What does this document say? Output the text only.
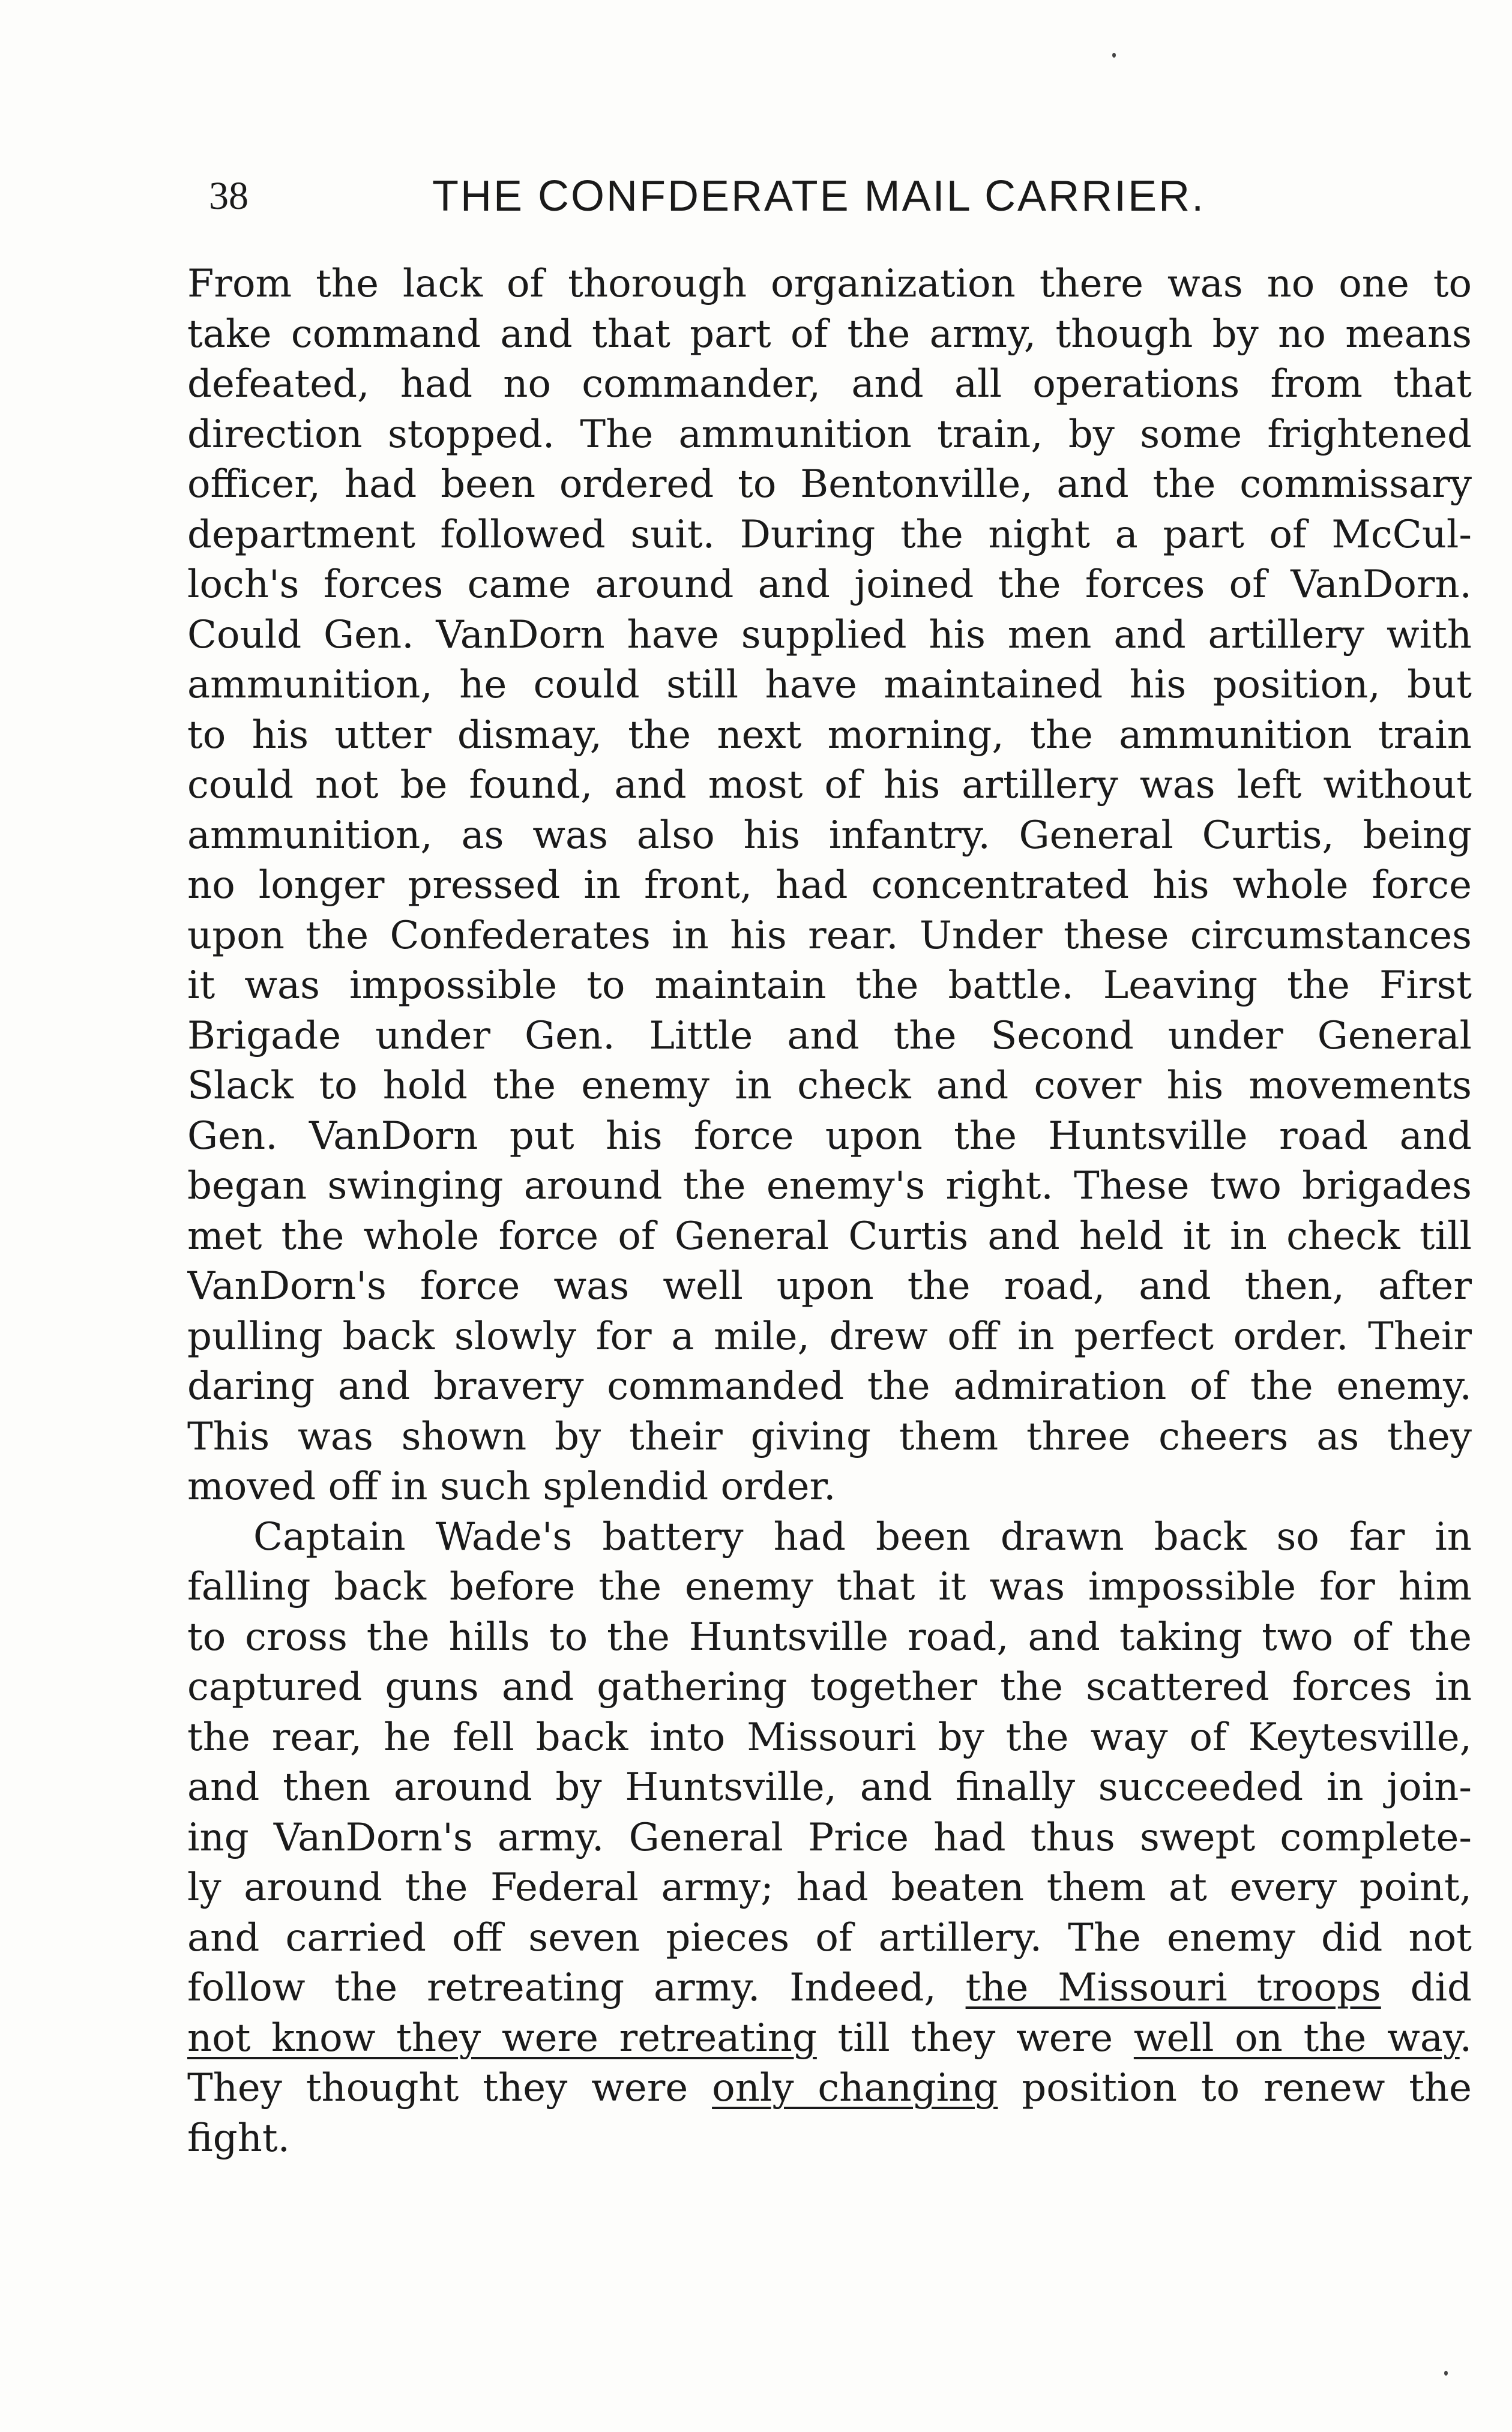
38	THE CONFDERATE MAIL CARRIER.
From the lack of thorough organization there was no one to
take command and that part of the army, though by no means
defeated, had no commander, and all operations from that
direction stopped. The ammunition train, by some frightened
officer, had been ordered to Bentonville, and the commissary
department followed suit. During the night a part of McCul-
loch's forces came around and joined the forces of VanDorn.
Could Gen. VanDorn have supplied his men and artillery with
ammunition, he could still have maintained his position, but
to his utter dismay, the next morning, the ammunition train
could not be found, and most of his artillery was left without
ammunition, as was also his infantry. General Curtis, being
no longer pressed in front, had concentrated his whole force
upon the Confederates in his rear. Under these circumstances
it was impossible to maintain the battle. Leaving the First
Brigade under Gen. Little and the Second under General
Slack to hold the enemy in check and cover his movements
Gen. VanDorn put his force upon the Huntsville road and
began swinging around the enemy's right. These two brigades
met the whole force of General Curtis and held it in check till
VanDorn's force was well upon the road, and then, after
pulling back slowly for a mile, drew off in perfect order. Their
daring and bravery commanded the admiration of the enemy.
This was shown by their giving them three cheers as they
moved off in such splendid order.
Captain Wade's battery had been drawn back so far in
falling back before the enemy that it was impossible for him
to cross the hills to the Huntsville road, and taking two of the
captured guns and gathering together the scattered forces in
the rear, he fell back into Missouri by the way of Keytesville,
and then around by Huntsville, and finally succeeded in join-
ing VanDorn's army. General Price had thus swept complete-
ly around the Federal army; had beaten them at every point,
and carried off seven pieces of artillery. The enemy did not
follow the retreating army. Indeed, the Missouri troops did
not know they were retreating till they were well on the way.
They thought they were only changing position to renew the
fight.
